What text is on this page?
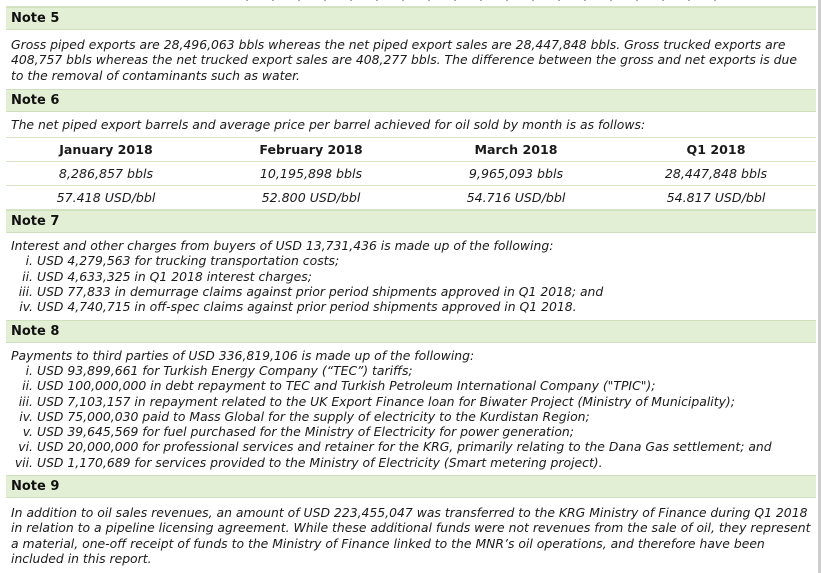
Note 5
Gross piped exports are 28,496,063 bbls whereas the net piped export sales are 28,447,848 bbls. Gross trucked exports are 408,757 bbls whereas the net trucked export sales are 408,277 bbls. The difference between the gross and net exports is due to the removal of contaminants such as water.
Note 6
The net piped export barrels and average price per barrel achieved for oil sold by month is as follows:
January 2018	February 2018	March 2018	Q1 2018
8,286,857 bbls	10,195,898 bbls	9,965,093 bbls	28,447,848 bbls
57.418 USD/bbl	52.800 USD/bbl	54.716 USD/bbl	54.817 USD/bbl
Note 7
Interest and other charges from buyers of USD 13,731,436 is made up of the following:
i. USD 4,279,563 for trucking transportation costs;
ii. USD 4,633,325 in Q1 2018 interest charges;
iii. USD 77,833 in demurrage claims against prior period shipments approved in Q1 2018; and
iv. USD 4,740,715 in off-spec claims against prior period shipments approved in Q1 2018.
Note 8
Payments to third parties of USD 336,819,106 is made up of the following:
i. USD 93,899,661 for Turkish Energy Company (“TEC”) tariffs;
ii. USD 100,000,000 in debt repayment to TEC and Turkish Petroleum International Company ("TPIC");
iii. USD 7,103,157 in repayment related to the UK Export Finance loan for Biwater Project (Ministry of Municipality);
iv. USD 75,000,030 paid to Mass Global for the supply of electricity to the Kurdistan Region;
v. USD 39,645,569 for fuel purchased for the Ministry of Electricity for power generation;
vi. USD 20,000,000 for professional services and retainer for the KRG, primarily relating to the Dana Gas settlement; and
vii. USD 1,170,689 for services provided to the Ministry of Electricity (Smart metering project).
Note 9
In addition to oil sales revenues, an amount of USD 223,455,047 was transferred to the KRG Ministry of Finance during Q1 2018 in relation to a pipeline licensing agreement. While these additional funds were not revenues from the sale of oil, they represent a material, one-off receipt of funds to the Ministry of Finance linked to the MNR’s oil operations, and therefore have been included in this report.
